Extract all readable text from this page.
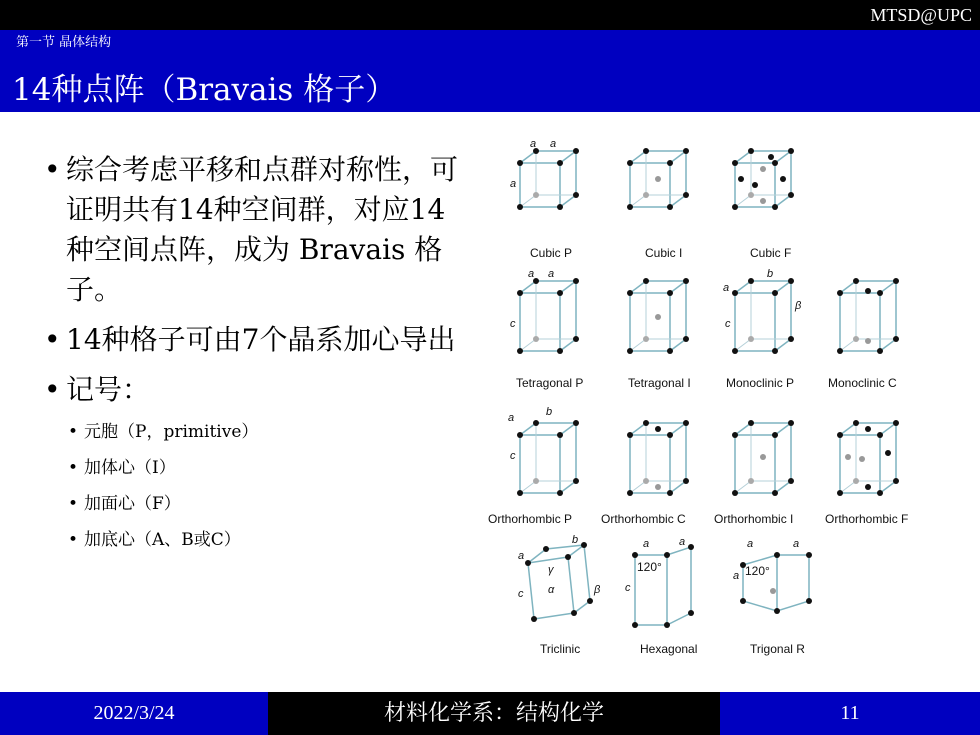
MTSD@UPC
第一节 晶体结构
14种点阵（Bravais 格子）
• 综合考虑平移和点群对称性，可证明共有14种空间群，对应14种空间点阵，成为 Bravais 格子。
• 14种格子可由7个晶系加心导出
• 记号：
• 元胞（P，primitive）
• 加体心（I）
• 加面心（F）
• 加底心（A、B或C）
a a
a
Cubic P	Cubic I	Cubic F
a a
c
a
b
c
β
Tetragonal P	Tetragonal I	Monoclinic P	Monoclinic C
a	b
c
Orthorhombic P Orthorhombic C Orthorhombic I	Orthorhombic F
a
b
c
γ
α	β
a	a
c
120°
a	a
a 120°
Triclinic	Hexagonal	Trigonal R
2022/3/24	材料化学系：结构化学	11
